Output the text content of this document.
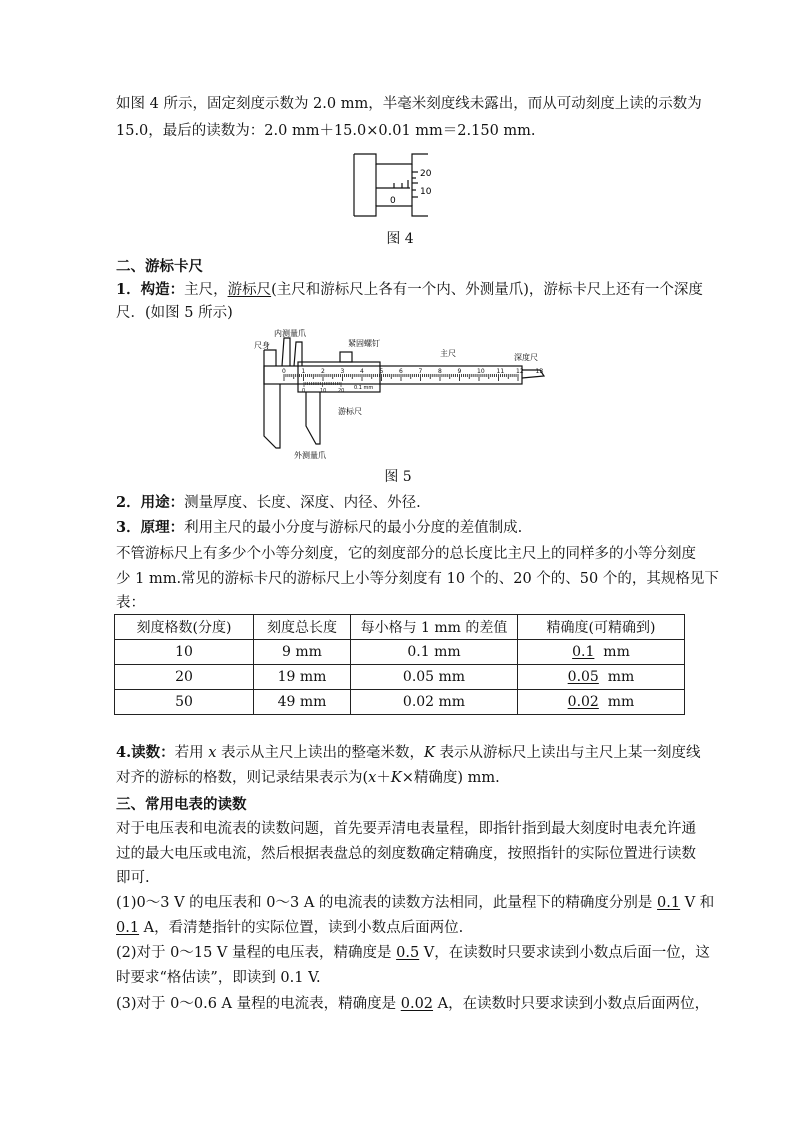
如图 4 所示，固定刻度示数为 2.0 mm，半毫米刻度线未露出，而从可动刻度上读的示数为
15.0，最后的读数为：2.0 mm＋15.0×0.01 mm＝2.150 mm.
20
10
0
图 4
二、游标卡尺
1．构造：主尺，游标尺(主尺和游标尺上各有一个内、外测量爪)，游标卡尺上还有一个深度
尺．(如图 5 所示)
0	1	2	3	4	5	6	7	8	9	10 11 12 13
0	10 20 0.1 mm
内测量爪
尺身	紧固螺钉
主尺	深度尺
游标尺
外测量爪
图 5
2．用途：测量厚度、长度、深度、内径、外径.
3．原理：利用主尺的最小分度与游标尺的最小分度的差值制成.
不管游标尺上有多少个小等分刻度，它的刻度部分的总长度比主尺上的同样多的小等分刻度
少 1 mm.常见的游标卡尺的游标尺上小等分刻度有 10 个的、20 个的、50 个的，其规格见下
表：
刻度格数(分度)	刻度总长度	每小格与 1 mm 的差值	精确度(可精确到)
10	9 mm	0.1 mm	0.1 mm
20	19 mm	0.05 mm	0.05 mm
50	49 mm	0.02 mm	0.02 mm
4.读数：若用 x 表示从主尺上读出的整毫米数，K 表示从游标尺上读出与主尺上某一刻度线
对齐的游标的格数，则记录结果表示为(x＋K×精确度) mm.
三、常用电表的读数
对于电压表和电流表的读数问题，首先要弄清电表量程，即指针指到最大刻度时电表允许通
过的最大电压或电流，然后根据表盘总的刻度数确定精确度，按照指针的实际位置进行读数
即可.
(1)0～3 V 的电压表和 0～3 A 的电流表的读数方法相同，此量程下的精确度分别是 0.1 V 和
0.1 A，看清楚指针的实际位置，读到小数点后面两位.
(2)对于 0～15 V 量程的电压表，精确度是 0.5 V，在读数时只要求读到小数点后面一位，这
时要求“格估读”，即读到 0.1 V.
(3)对于 0～0.6 A 量程的电流表，精确度是 0.02 A，在读数时只要求读到小数点后面两位，
